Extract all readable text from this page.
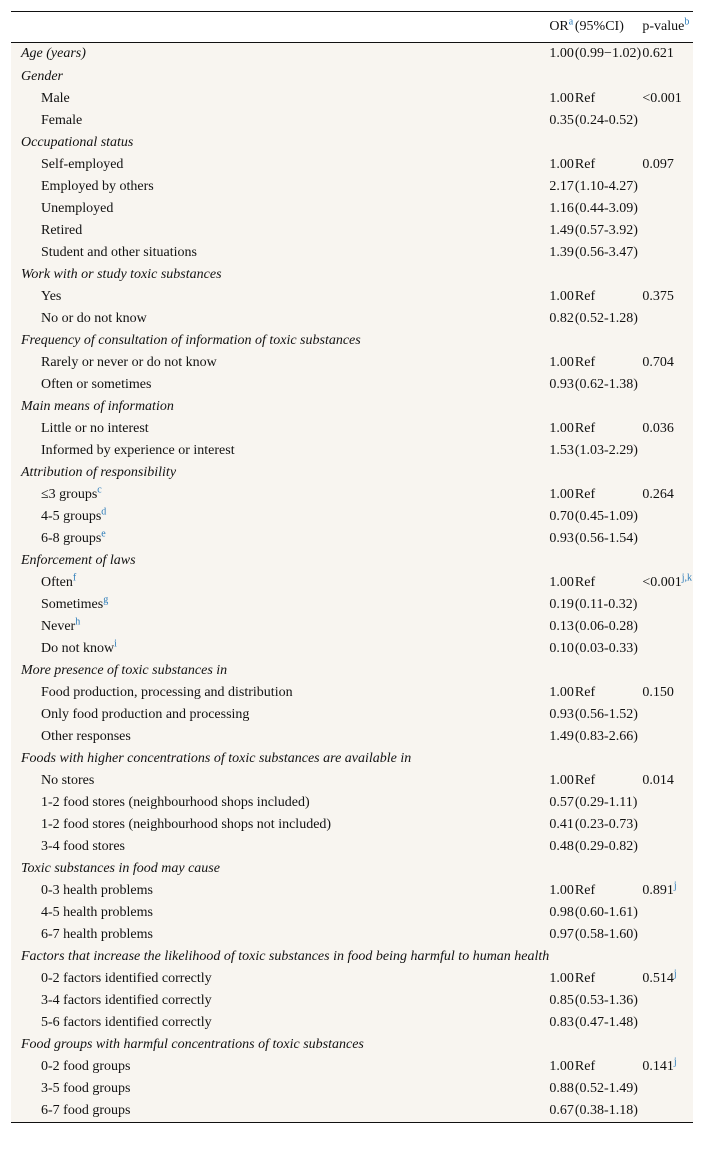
	$OR^a$	(95%CI)	p-value$^b$
Age (years)	1.00	(0.99−1.02)	0.621
Gender			
Male	1.00	Ref	<0.001
Female	0.35	(0.24-0.52)	
Occupational status			
Self-employed	1.00	Ref	0.097
Employed by others	2.17	(1.10-4.27)	
Unemployed	1.16	(0.44-3.09)	
Retired	1.49	(0.57-3.92)	
Student and other situations	1.39	(0.56-3.47)	
Work with or study toxic substances			
Yes	1.00	Ref	0.375
No or do not know	0.82	(0.52-1.28)	
Frequency of consultation of information of toxic substances			
Rarely or never or do not know	1.00	Ref	0.704
Often or sometimes	0.93	(0.62-1.38)	
Main means of information			
Little or no interest	1.00	Ref	0.036
Informed by experience or interest	1.53	(1.03-2.29)	
Attribution of responsibility			
≤3 groups$^c$	1.00	Ref	0.264
4-5 groups$^d$	0.70	(0.45-1.09)	
6-8 groups$^e$	0.93	(0.56-1.54)	
Enforcement of laws			
Often$^f$	1.00	Ref	$<0.001^{j,k}$
Sometimes$^g$	0.19	(0.11-0.32)	
Never$^h$	0.13	(0.06-0.28)	
Do not know$^i$	0.10	(0.03-0.33)	
More presence of toxic substances in			
Food production, processing and distribution	1.00	Ref	0.150
Only food production and processing	0.93	(0.56-1.52)	
Other responses	1.49	(0.83-2.66)	
Foods with higher concentrations of toxic substances are available in			
No stores	1.00	Ref	0.014
1-2 food stores (neighbourhood shops included)	0.57	(0.29-1.11)	
1-2 food stores (neighbourhood shops not included)	0.41	(0.23-0.73)	
3-4 food stores	0.48	(0.29-0.82)	
Toxic substances in food may cause			
0-3 health problems	1.00	Ref	0.891$^j$
4-5 health problems	0.98	(0.60-1.61)	
6-7 health problems	0.97	(0.58-1.60)	
Factors that increase the likelihood of toxic substances in food being harmful to human health			
0-2 factors identified correctly	1.00	Ref	0.514$^j$
3-4 factors identified correctly	0.85	(0.53-1.36)	
5-6 factors identified correctly	0.83	(0.47-1.48)	
Food groups with harmful concentrations of toxic substances			
0-2 food groups	1.00	Ref	0.141$^j$
3-5 food groups	0.88	(0.52-1.49)	
6-7 food groups	0.67	(0.38-1.18)	
